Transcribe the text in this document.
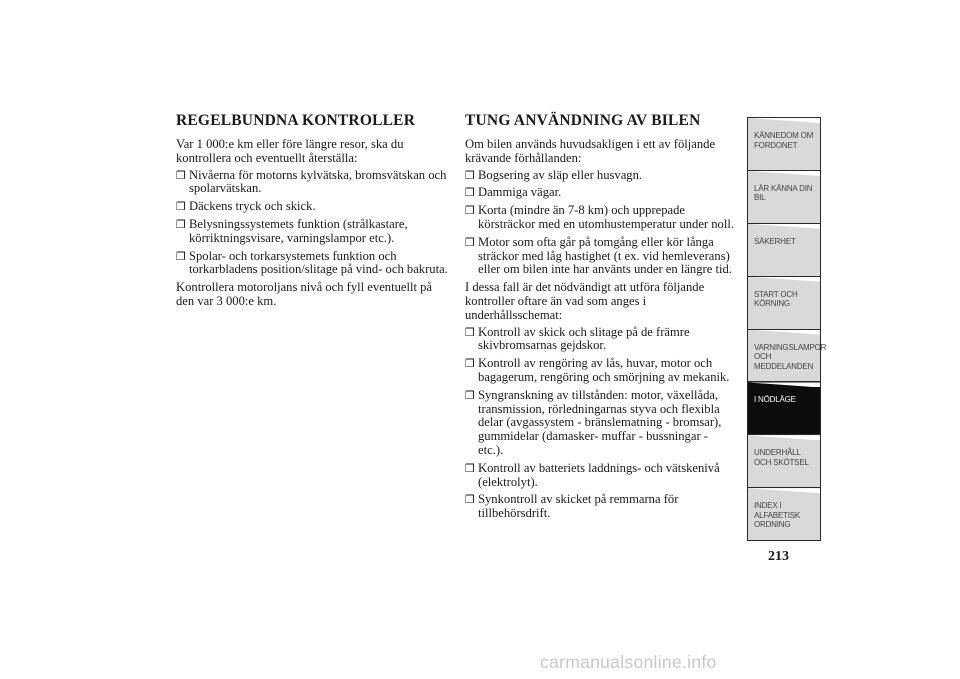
REGELBUNDNA KONTROLLER

Var 1 000:e km eller före längre resor, ska du kontrollera och eventuellt återställa:

❒ Nivåerna för motorns kylvätska, bromsvätskan och spolarvätskan.
❒ Däckens tryck och skick.
❒ Belysningssystemets funktion (strålkastare, körriktningsvisare, varningslampor etc.).
❒ Spolar- och torkarsystemets funktion och torkarbladens position/slitage på vind- och bakruta.

Kontrollera motoroljans nivå och fyll eventuellt på den var 3 000:e km.

TUNG ANVÄNDNING AV BILEN

Om bilen används huvudsakligen i ett av följande krävande förhållanden:

❒ Bogsering av släp eller husvagn.
❒ Dammiga vägar.
❒ Korta (mindre än 7-8 km) och upprepade körsträckor med en utomhustemperatur under noll.
❒ Motor som ofta går på tomgång eller kör långa sträckor med låg hastighet (t ex. vid hemleverans) eller om bilen inte har använts under en längre tid.

I dessa fall är det nödvändigt att utföra följande kontroller oftare än vad som anges i underhållsschemat:

❒ Kontroll av skick och slitage på de främre skivbromsarnas gejdskor.
❒ Kontroll av rengöring av lås, huvar, motor och bagagerum, rengöring och smörjning av mekanik.
❒ Syngranskning av tillstånden: motor, växellåda, transmission, rörledningarnas styva och flexibla delar (avgassystem - bränslematning - bromsar), gummidelar (damasker- muffar - bussningar - etc.).
❒ Kontroll av batteriets laddnings- och vätskenivå (elektrolyt).
❒ Synkontroll av skicket på remmarna för tillbehörsdrift.
KÄNNEDOM OM FORDONET
LÄR KÄNNA DIN BIL
SÄKERHET
START OCH KÖRNING
VARNINGSLAMPOR OCH MEDDELANDEN
I NÖDLÄGE
UNDERHÅLL OCH SKÖTSEL
INDEX I ALFABETISK ORDNING
213
carmanualsonline.info
